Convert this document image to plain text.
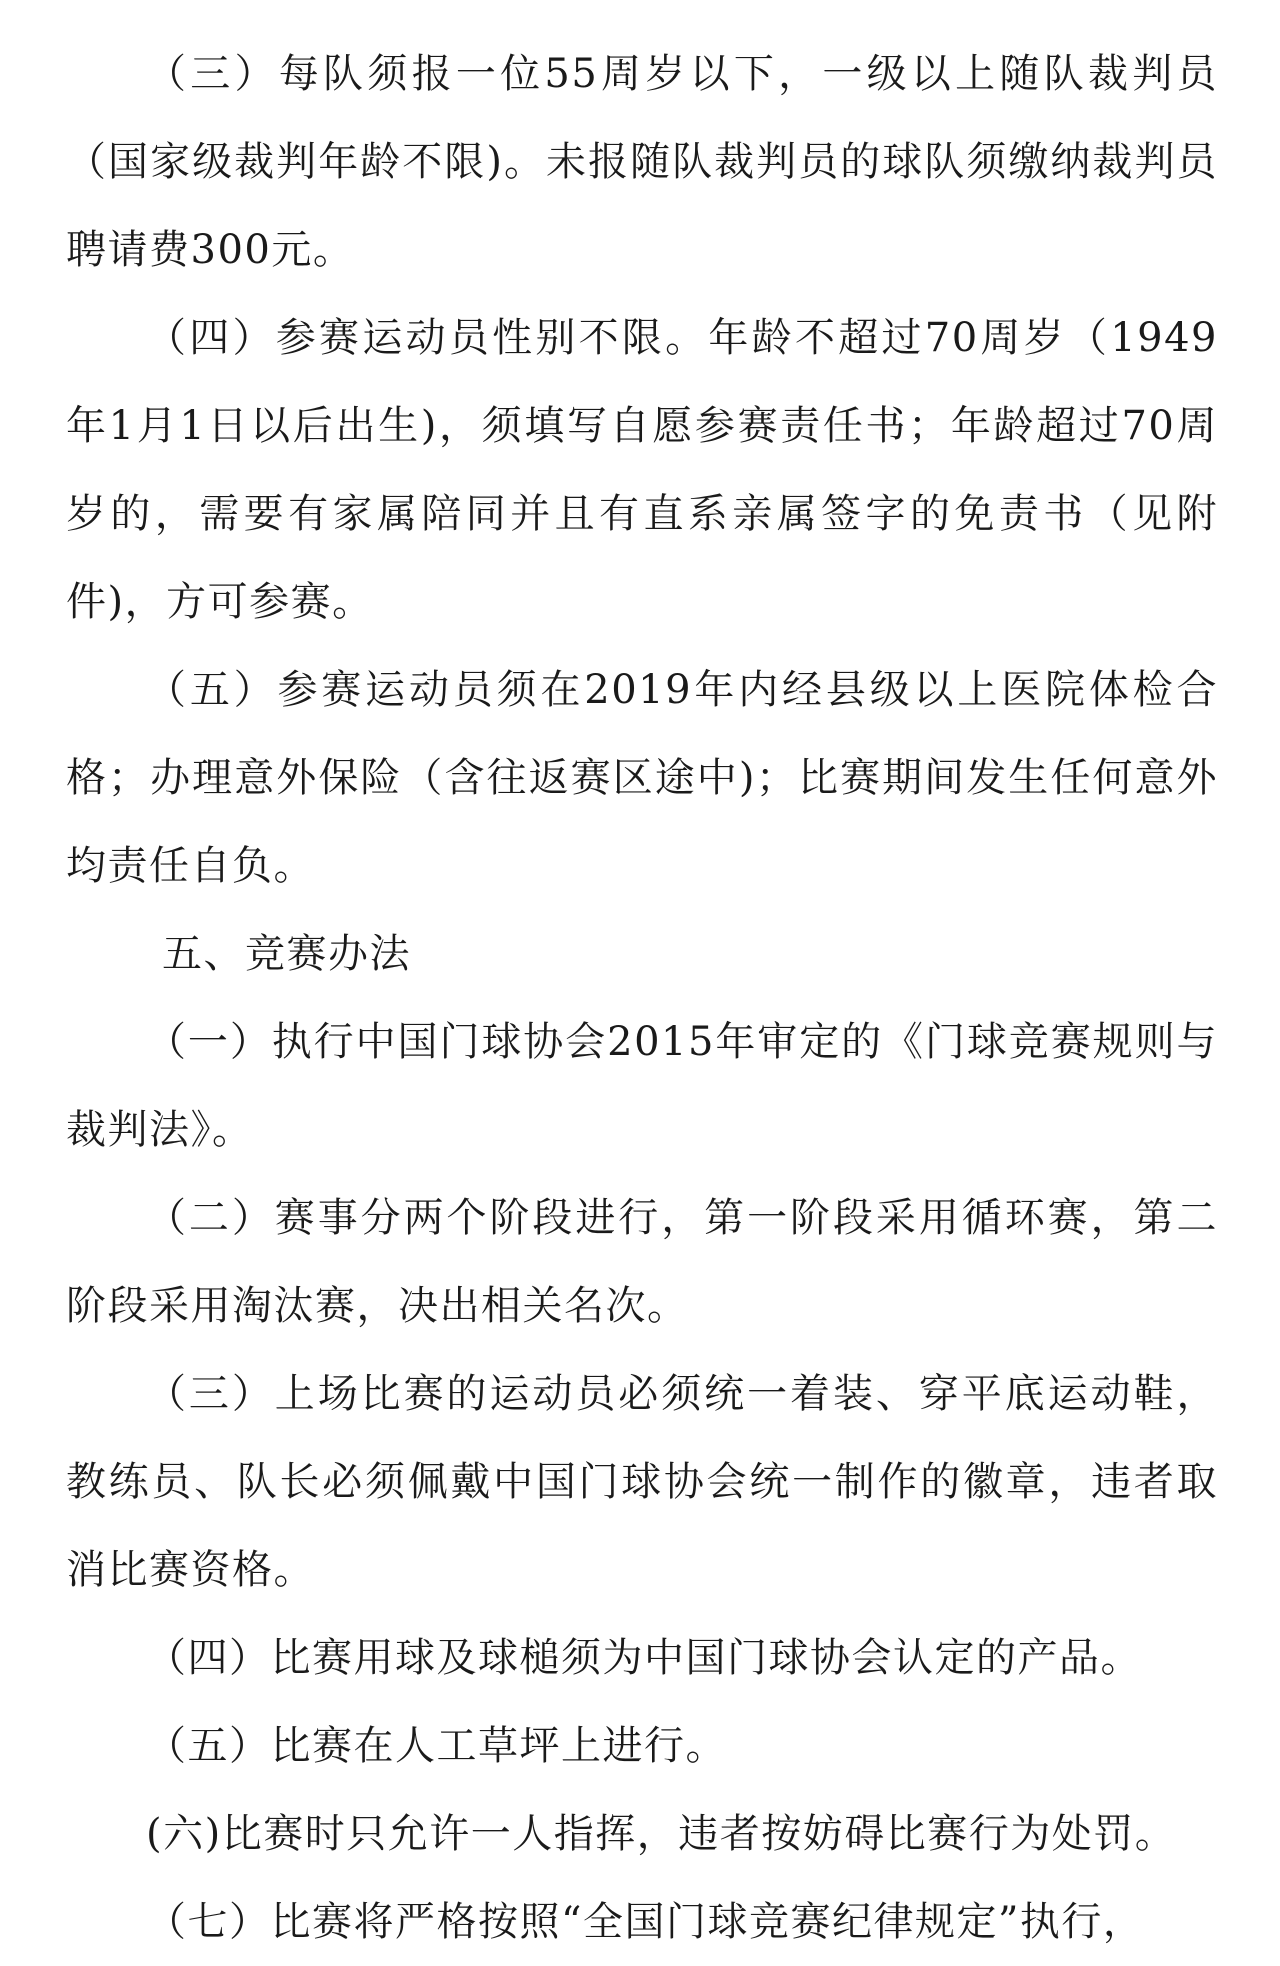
（三）每队须报一位55周岁以下，一级以上随队裁判员（国家级裁判年龄不限)。未报随队裁判员的球队须缴纳裁判员聘请费300元。

（四）参赛运动员性别不限。年龄不超过70周岁（1949年1月1日以后出生)，须填写自愿参赛责任书；年龄超过70周岁的，需要有家属陪同并且有直系亲属签字的免责书（见附件)，方可参赛。

（五）参赛运动员须在2019年内经县级以上医院体检合格；办理意外保险（含往返赛区途中)；比赛期间发生任何意外均责任自负。

五、竞赛办法

（一）执行中国门球协会2015年审定的《门球竞赛规则与裁判法》。

（二）赛事分两个阶段进行，第一阶段采用循环赛，第二阶段采用淘汰赛，决出相关名次。

（三）上场比赛的运动员必须统一着装、穿平底运动鞋，教练员、队长必须佩戴中国门球协会统一制作的徽章，违者取消比赛资格。

（四）比赛用球及球槌须为中国门球协会认定的产品。

（五）比赛在人工草坪上进行。

(六)比赛时只允许一人指挥，违者按妨碍比赛行为处罚。

（七）比赛将严格按照“全国门球竞赛纪律规定”执行，
